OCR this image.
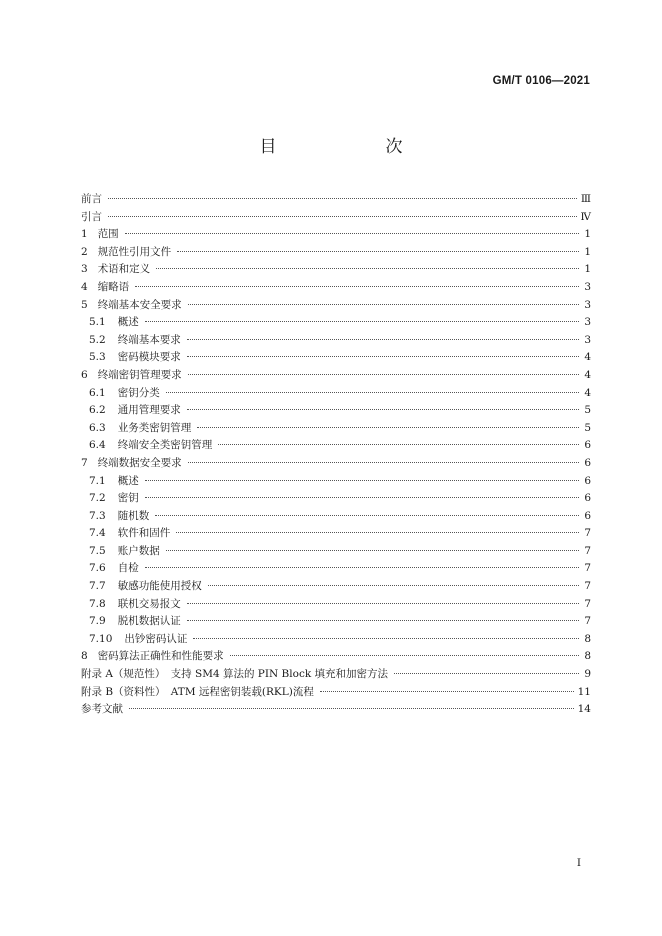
GM/T 0106—2021
目　次
前言	Ⅲ
引言	Ⅳ
1 范围	1
2 规范性引用文件	1
3 术语和定义	1
4 缩略语	3
5 终端基本安全要求	3
5.1	概述	3
5.2	终端基本要求	3
5.3	密码模块要求	4
6 终端密钥管理要求	4
6.1	密钥分类	4
6.2	通用管理要求	5
6.3	业务类密钥管理	5
6.4	终端安全类密钥管理	6
7 终端数据安全要求	6
7.1	概述	6
7.2	密钥	6
7.3	随机数	6
7.4	软件和固件	7
7.5	账户数据	7
7.6	自检	7
7.7	敏感功能使用授权	7
7.8	联机交易报文	7
7.9	脱机数据认证	7
7.10	出钞密码认证	8
8 密码算法正确性和性能要求	8
附录 A（规范性）　支持 SM4 算法的 PIN Block 填充和加密方法	9
附录 B（资料性）　ATM 远程密钥装载(RKL)流程	11
参考文献	14
Ⅰ
